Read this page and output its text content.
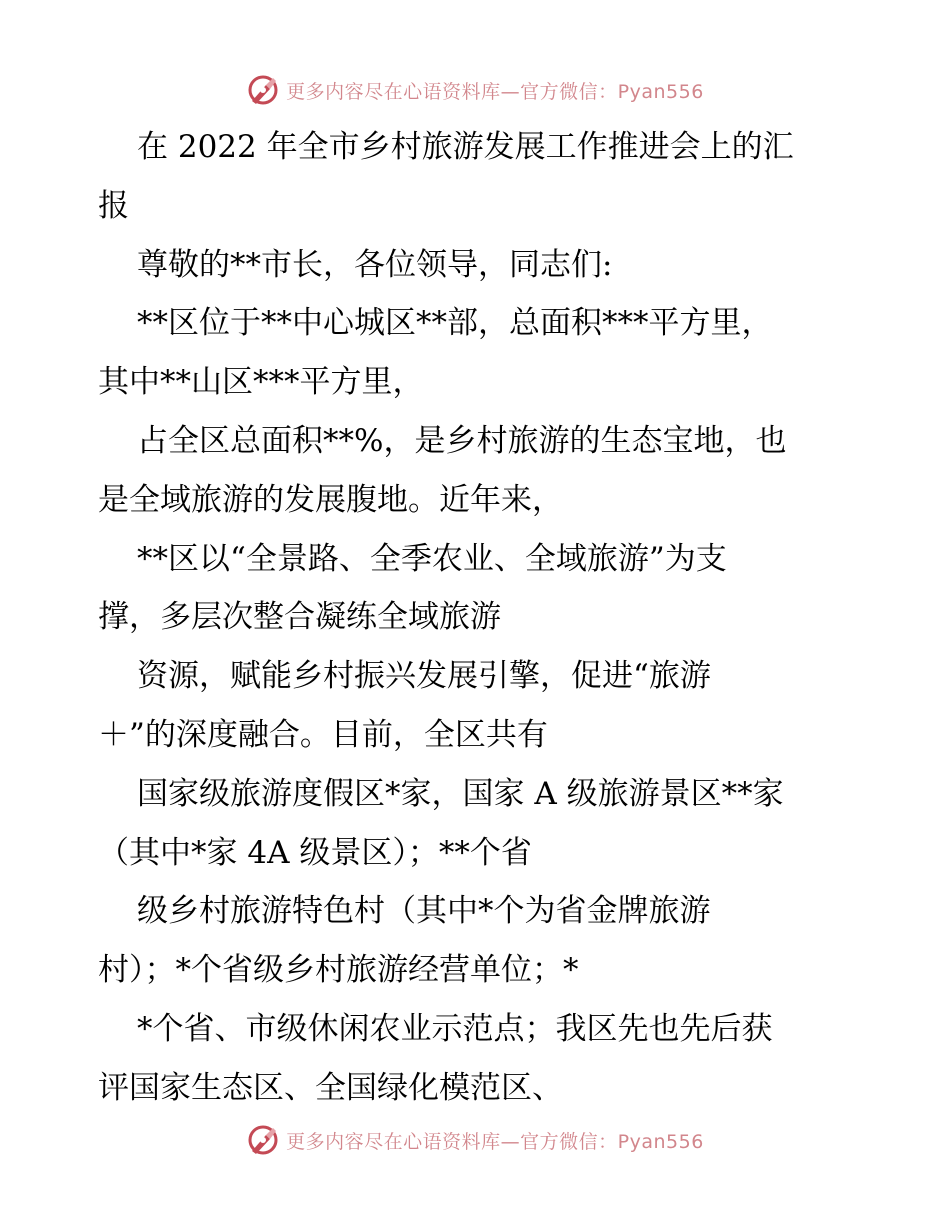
更多内容尽在心语资料库—官方微信：Pyan556

在 2022 年全市乡村旅游发展工作推进会上的汇
报

尊敬的**市长，各位领导，同志们:

**区位于**中心城区**部，总面积***平方里，
其中**山区***平方里，

占全区总面积**%，是乡村旅游的生态宝地，也
是全域旅游的发展腹地。近年来，

**区以“全景路、全季农业、全域旅游”为支
撑，多层次整合凝练全域旅游

资源，赋能乡村振兴发展引擎，促进“旅游
＋”的深度融合。目前，全区共有

国家级旅游度假区*家，国家 A 级旅游景区**家
（其中*家 4A 级景区）；**个省

级乡村旅游特色村（其中*个为省金牌旅游
村）；*个省级乡村旅游经营单位；*

*个省、市级休闲农业示范点；我区先也先后获
评国家生态区、全国绿化模范区、

更多内容尽在心语资料库—官方微信：Pyan556
